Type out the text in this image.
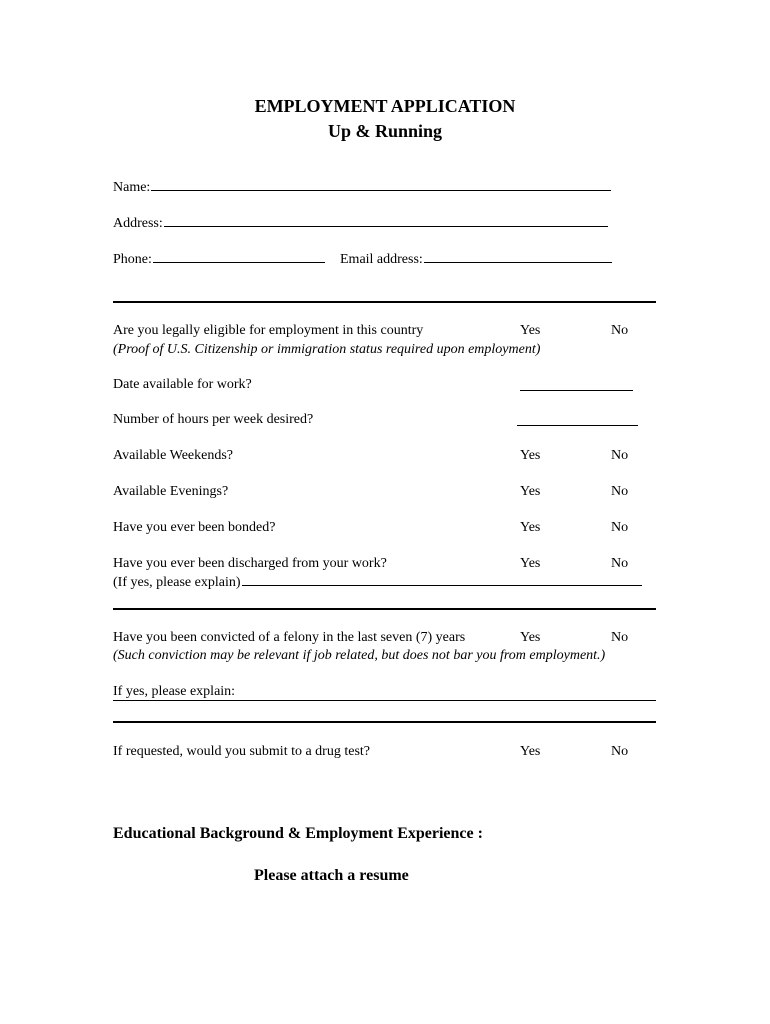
EMPLOYMENT APPLICATION
Up & Running
Name:
Address:
Phone:	Email address:
Are you legally eligible for employment in this country	Yes	No
(Proof of U.S. Citizenship or immigration status required upon employment)
Date available for work?
Number of hours per week desired?
Available Weekends?	Yes	No
Available Evenings?	Yes	No
Have you ever been bonded?	Yes	No
Have you ever been discharged from your work?	Yes	No
(If yes, please explain)
Have you been convicted of a felony in the last seven (7) years	Yes	No
(Such conviction may be relevant if job related, but does not bar you from employment.)
If yes, please explain:
If requested, would you submit to a drug test?	Yes	No
Educational Background & Employment Experience :
Please attach a resume
